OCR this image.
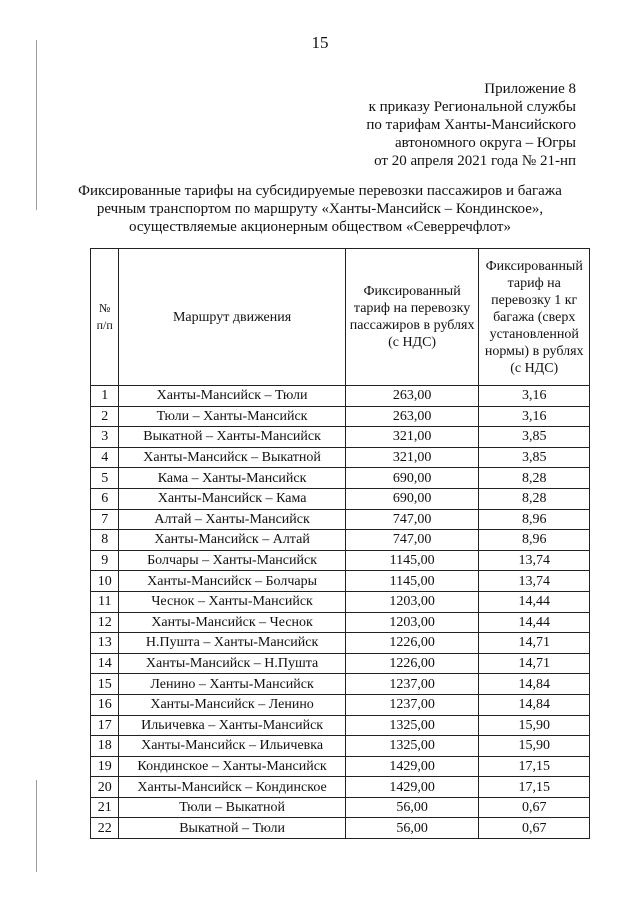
15
Приложение 8
к приказу Региональной службы
по тарифам Ханты-Мансийского
автономного округа – Югры
от 20 апреля 2021 года № 21-нп
Фиксированные тарифы на субсидируемые перевозки пассажиров и багажа
речным транспортом по маршруту «Ханты-Мансийск – Кондинское»,
осуществляемые акционерным обществом «Северречфлот»
№ п/п	Маршрут движения	Фиксированный тариф на перевозку пассажиров в рублях (с НДС)	Фиксированный тариф на перевозку 1 кг багажа (сверх установленной нормы) в рублях (с НДС)
1	Ханты-Мансийск – Тюли	263,00	3,16
2	Тюли – Ханты-Мансийск	263,00	3,16
3	Выкатной – Ханты-Мансийск	321,00	3,85
4	Ханты-Мансийск – Выкатной	321,00	3,85
5	Кама – Ханты-Мансийск	690,00	8,28
6	Ханты-Мансийск – Кама	690,00	8,28
7	Алтай – Ханты-Мансийск	747,00	8,96
8	Ханты-Мансийск – Алтай	747,00	8,96
9	Болчары – Ханты-Мансийск	1145,00	13,74
10	Ханты-Мансийск – Болчары	1145,00	13,74
11	Чеснок – Ханты-Мансийск	1203,00	14,44
12	Ханты-Мансийск – Чеснок	1203,00	14,44
13	Н.Пушта – Ханты-Мансийск	1226,00	14,71
14	Ханты-Мансийск – Н.Пушта	1226,00	14,71
15	Ленино – Ханты-Мансийск	1237,00	14,84
16	Ханты-Мансийск – Ленино	1237,00	14,84
17	Ильичевка – Ханты-Мансийск	1325,00	15,90
18	Ханты-Мансийск – Ильичевка	1325,00	15,90
19	Кондинское – Ханты-Мансийск	1429,00	17,15
20	Ханты-Мансийск – Кондинское	1429,00	17,15
21	Тюли – Выкатной	56,00	0,67
22	Выкатной – Тюли	56,00	0,67
